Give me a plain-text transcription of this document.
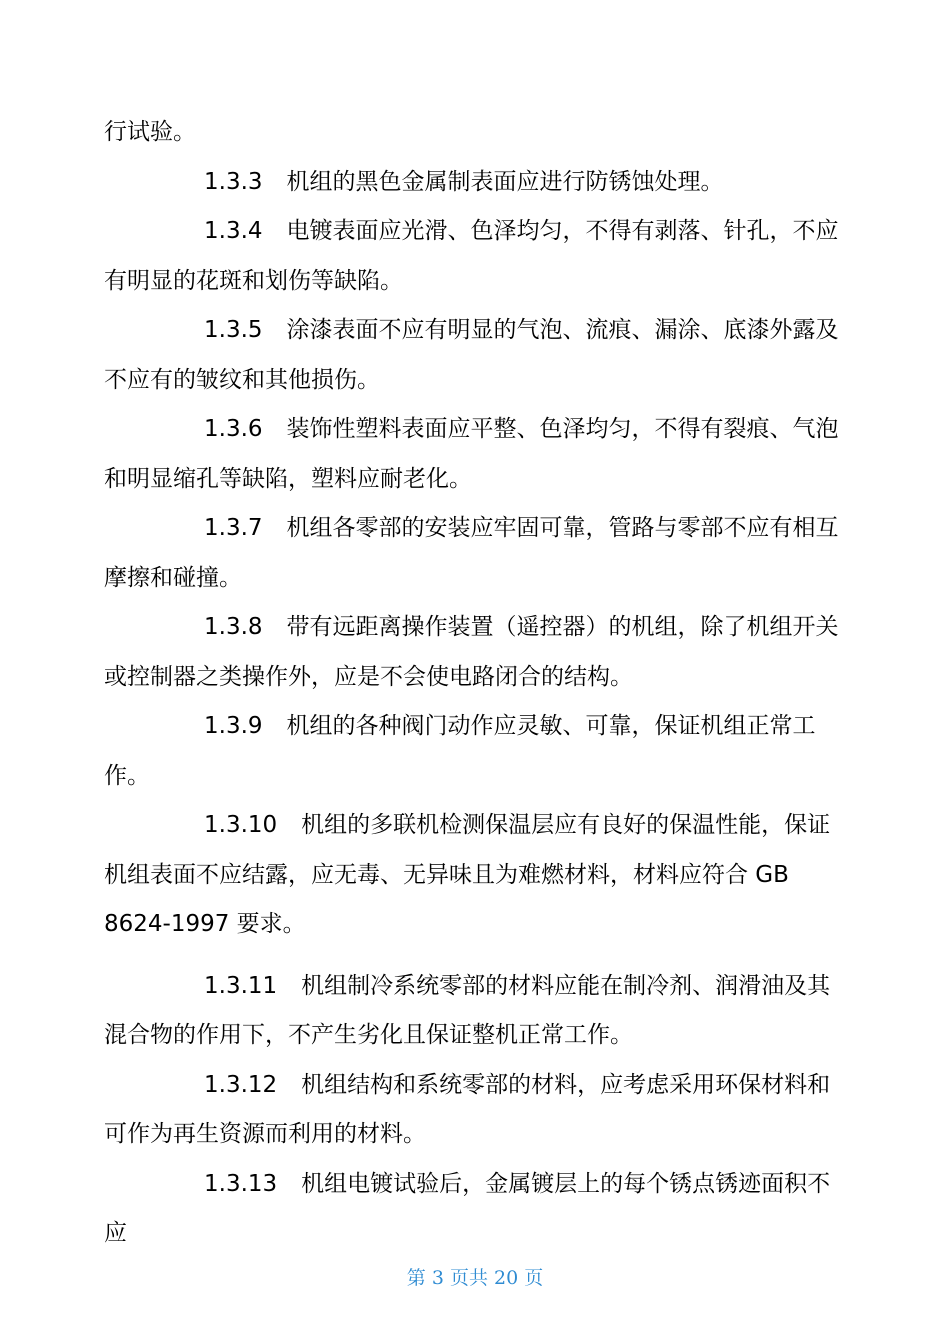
行试验。

1.3.3 机组的黑色金属制表面应进行防锈蚀处理。

1.3.4 电镀表面应光滑、色泽均匀，不得有剥落、针孔，不应有明显的花斑和划伤等缺陷。

1.3.5 涂漆表面不应有明显的气泡、流痕、漏涂、底漆外露及不应有的皱纹和其他损伤。

1.3.6 装饰性塑料表面应平整、色泽均匀，不得有裂痕、气泡和明显缩孔等缺陷，塑料应耐老化。

1.3.7 机组各零部的安装应牢固可靠，管路与零部不应有相互摩擦和碰撞。

1.3.8 带有远距离操作装置（遥控器）的机组，除了机组开关或控制器之类操作外，应是不会使电路闭合的结构。

1.3.9 机组的各种阀门动作应灵敏、可靠，保证机组正常工作。

1.3.10 机组的多联机检测保温层应有良好的保温性能，保证机组表面不应结露，应无毒、无异味且为难燃材料，材料应符合 GB

8624-1997 要求。

1.3.11 机组制冷系统零部的材料应能在制冷剂、润滑油及其混合物的作用下，不产生劣化且保证整机正常工作。

1.3.12 机组结构和系统零部的材料，应考虑采用环保材料和可作为再生资源而利用的材料。

1.3.13 机组电镀试验后，金属镀层上的每个锈点锈迹面积不应

第 3 页共 20 页
